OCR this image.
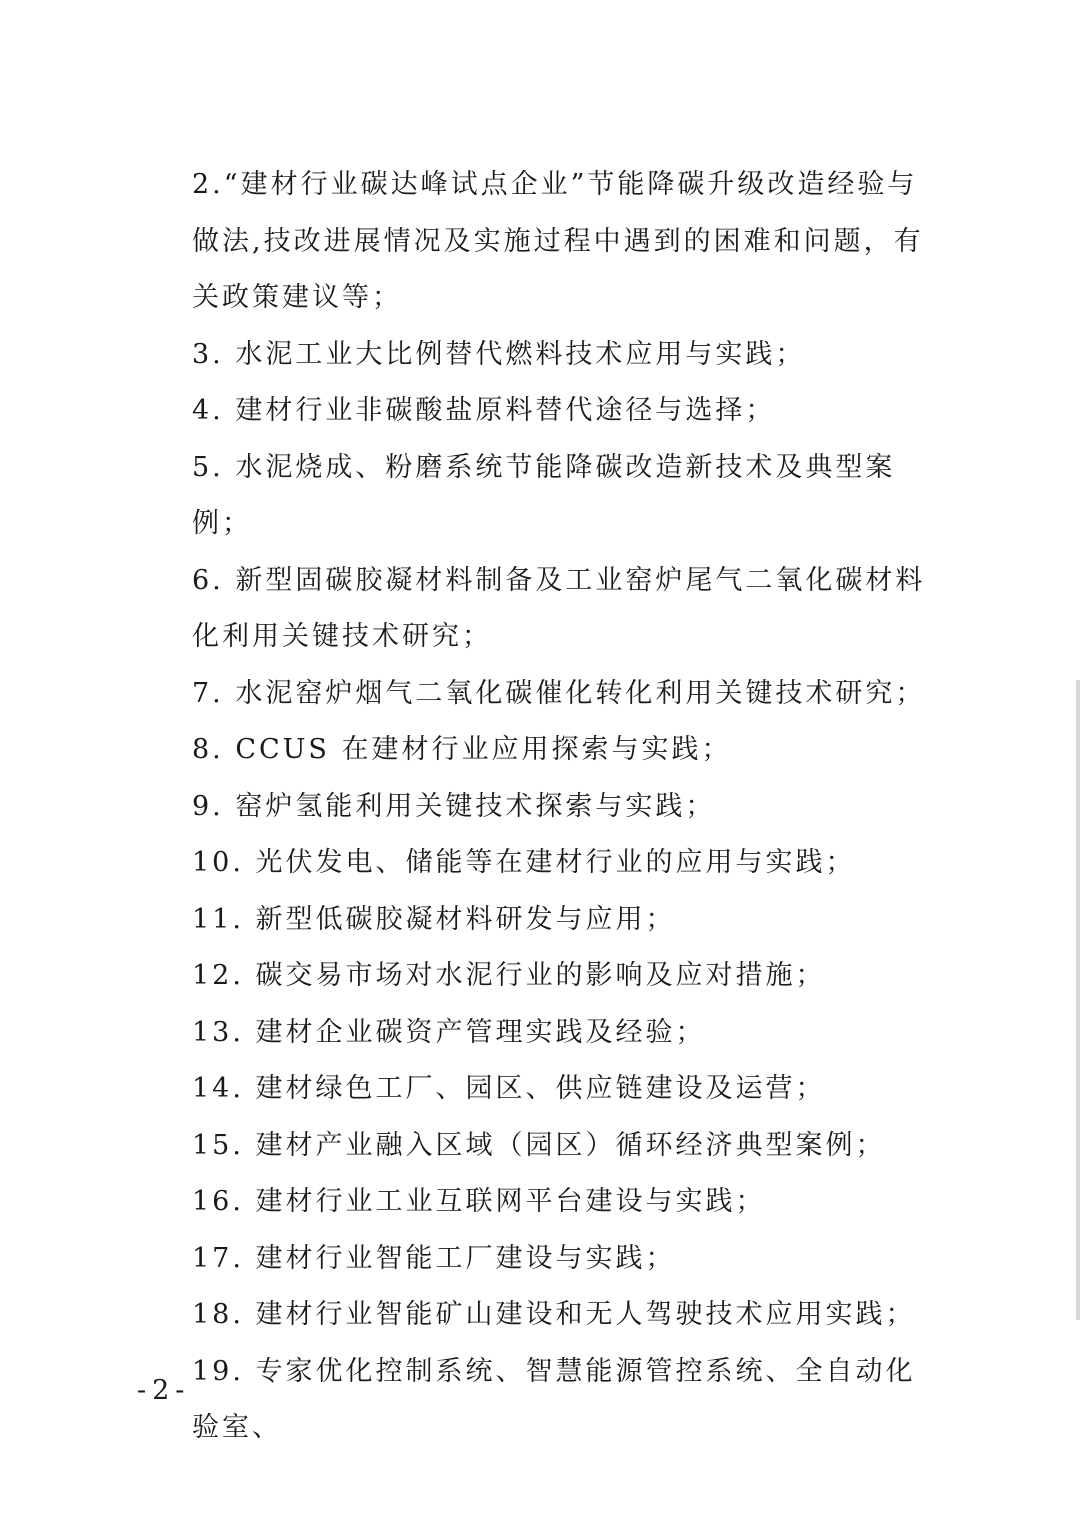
2.“建材行业碳达峰试点企业”节能降碳升级改造经验与做法,技改进展情况及实施过程中遇到的困难和问题，有关政策建议等；

3. 水泥工业大比例替代燃料技术应用与实践；

4. 建材行业非碳酸盐原料替代途径与选择；

5. 水泥烧成、粉磨系统节能降碳改造新技术及典型案例；

6. 新型固碳胶凝材料制备及工业窑炉尾气二氧化碳材料化利用关键技术研究；

7. 水泥窑炉烟气二氧化碳催化转化利用关键技术研究；

8. CCUS 在建材行业应用探索与实践；

9. 窑炉氢能利用关键技术探索与实践；

10. 光伏发电、储能等在建材行业的应用与实践；

11. 新型低碳胶凝材料研发与应用；

12. 碳交易市场对水泥行业的影响及应对措施；

13. 建材企业碳资产管理实践及经验；

14. 建材绿色工厂、园区、供应链建设及运营；

15. 建材产业融入区域（园区）循环经济典型案例；

16. 建材行业工业互联网平台建设与实践；

17. 建材行业智能工厂建设与实践；

18. 建材行业智能矿山建设和无人驾驶技术应用实践；

19. 专家优化控制系统、智慧能源管控系统、全自动化验室、

-2-
